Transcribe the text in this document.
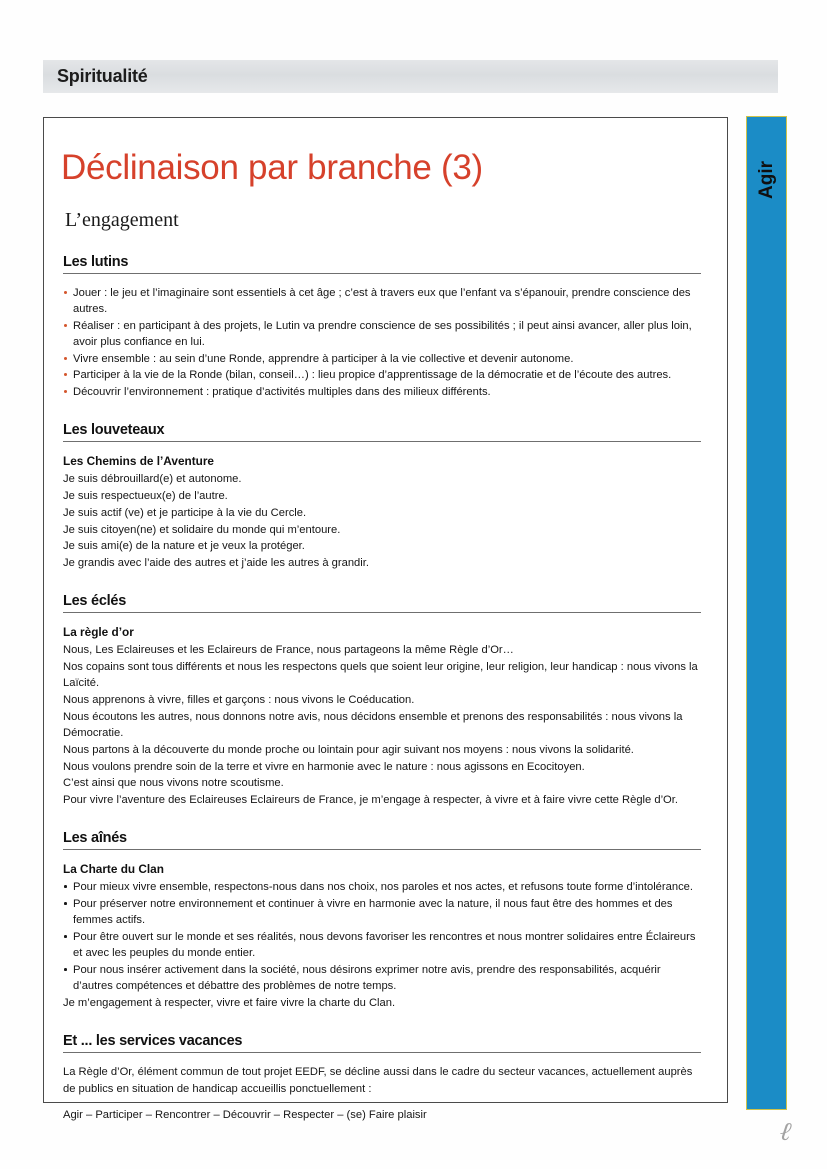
Spiritualité
Agir
Déclinaison par branche (3)
L’engagement
Les lutins
Jouer : le jeu et l’imaginaire sont essentiels à cet âge ; c’est à travers eux que l’enfant va s’épanouir, prendre conscience des autres.
Réaliser : en participant à des projets, le Lutin va prendre conscience de ses possibilités ; il peut ainsi avancer, aller plus loin, avoir plus confiance en lui.
Vivre ensemble : au sein d’une Ronde, apprendre à participer à la vie collective et devenir autonome.
Participer à la vie de la Ronde (bilan, conseil…) : lieu propice d’apprentissage de la démocratie et de l’écoute des autres.
Découvrir l’environnement : pratique d’activités multiples dans des milieux différents.
Les louveteaux
Les Chemins de l’Aventure

Je suis débrouillard(e) et autonome.

Je suis respectueux(e) de l’autre.

Je suis actif (ve) et je participe à la vie du Cercle.

Je suis citoyen(ne) et solidaire du monde qui m’entoure.

Je suis ami(e) de la nature et je veux la protéger.

Je grandis avec l’aide des autres et j’aide les autres à grandir.

Les éclés
La règle d’or

Nous, Les Eclaireuses et les Eclaireurs de France, nous partageons la même Règle d’Or…

Nos copains sont tous différents et nous les respectons quels que soient leur origine, leur religion, leur handicap : nous vivons la Laïcité.

Nous apprenons à vivre, filles et garçons : nous vivons le Coéducation.

Nous écoutons les autres, nous donnons notre avis, nous décidons ensemble et prenons des responsabilités : nous vivons la Démocratie.

Nous partons à la découverte du monde proche ou lointain pour agir suivant nos moyens : nous vivons la solidarité.

Nous voulons prendre soin de la terre et vivre en harmonie avec le nature : nous agissons en Ecocitoyen.

C’est ainsi que nous vivons notre scoutisme.

Pour vivre l’aventure des Eclaireuses Eclaireurs de France, je m’engage à respecter, à vivre et à faire vivre cette Règle d’Or.

Les aînés
La Charte du Clan
Pour mieux vivre ensemble, respectons-nous dans nos choix, nos paroles et nos actes, et refusons toute forme d’intolérance.
Pour préserver notre environnement et continuer à vivre en harmonie avec la nature, il nous faut être des hommes et des femmes actifs.
Pour être ouvert sur le monde et ses réalités, nous devons favoriser les rencontres et nous montrer solidaires entre Éclaireurs et avec les peuples du monde entier.
Pour nous insérer activement dans la société, nous désirons exprimer notre avis, prendre des responsabilités, acquérir d’autres compétences et débattre des problèmes de notre temps.

Je m’engagement à respecter, vivre et faire vivre la charte du Clan.

Et ... les services vacances

La Règle d’Or, élément commun de tout projet EEDF, se décline aussi dans le cadre du secteur vacances, actuellement auprès de publics en situation de handicap accueillis ponctuellement :

Agir – Participer – Rencontrer – Découvrir – Respecter – (se) Faire plaisir

ℓ
